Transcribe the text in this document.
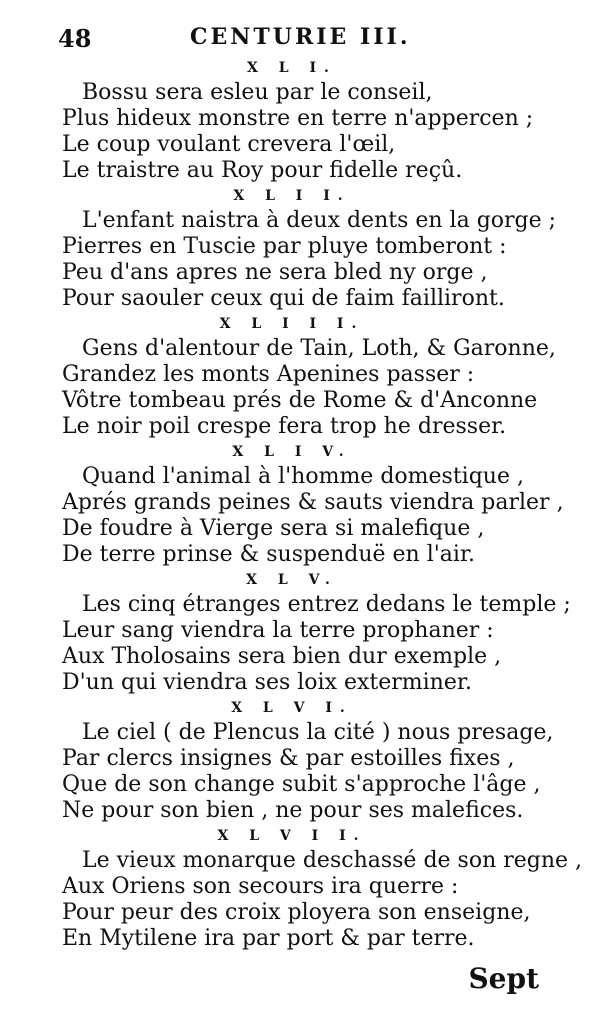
48	CENTURIE III.
X L I.
Bossu sera esleu par le conseil,
Plus hideux monstre en terre n'appercen ;
Le coup voulant crevera l'œil,
Le traistre au Roy pour fidelle reçû.
X L I I.
L'enfant naistra à deux dents en la gorge ;
Pierres en Tuscie par pluye tomberont :
Peu d'ans apres ne sera bled ny orge ,
Pour saouler ceux qui de faim failliront.
X L I I I.
Gens d'alentour de Tain, Loth, & Garonne,
Grandez les monts Apenines passer :
Vôtre tombeau prés de Rome & d'Anconne
Le noir poil crespe fera trop he dresser.
X L I V.
Quand l'animal à l'homme domestique ,
Aprés grands peines & sauts viendra parler ,
De foudre à Vierge sera si malefique ,
De terre prinse & suspenduë en l'air.
X L V.
Les cinq étranges entrez dedans le temple ;
Leur sang viendra la terre prophaner :
Aux Tholosains sera bien dur exemple ,
D'un qui viendra ses loix exterminer.
X L V I.
Le ciel ( de Plencus la cité ) nous presage,
Par clercs insignes & par estoilles fixes ,
Que de son change subit s'approche l'âge ,
Ne pour son bien , ne pour ses malefices.
X L V I I.
Le vieux monarque deschassé de son regne ,
Aux Oriens son secours ira querre :
Pour peur des croix ployera son enseigne,
En Mytilene ira par port & par terre.
Sept
